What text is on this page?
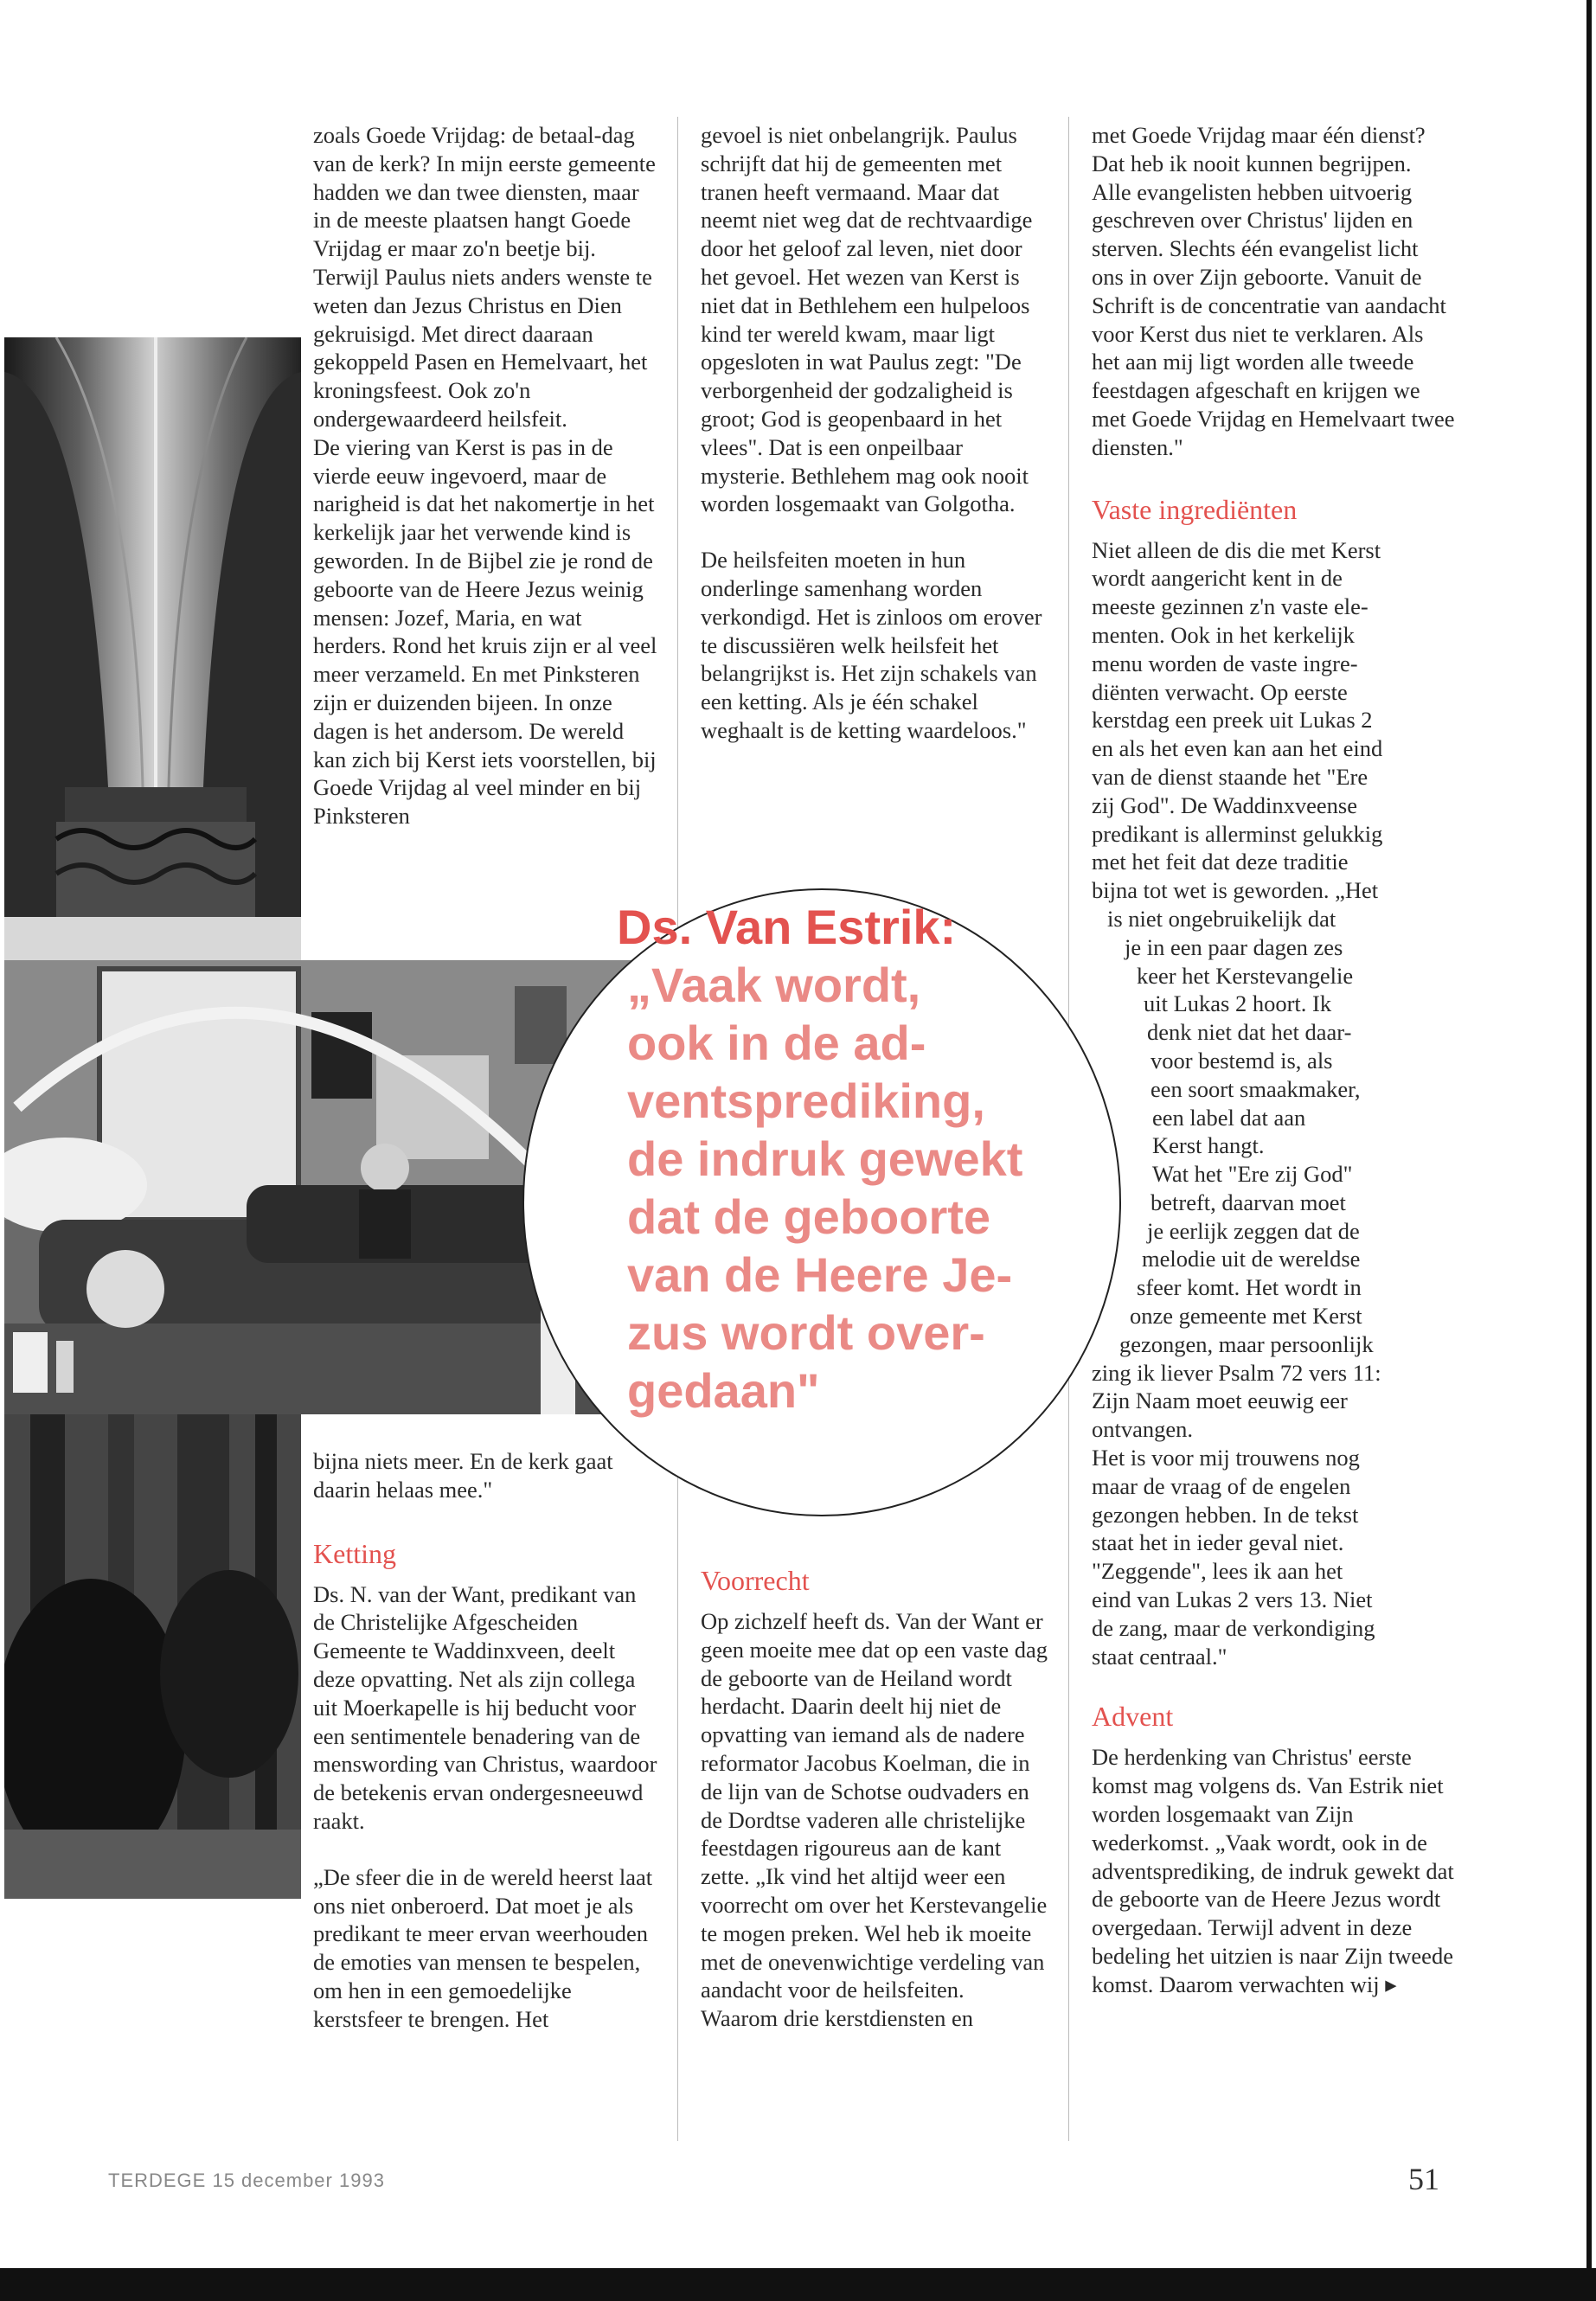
zoals Goede Vrijdag: de betaal-dag van de kerk? In mijn eerste gemeente hadden we dan twee diensten, maar in de meeste plaatsen hangt Goede Vrijdag er maar zo'n beetje bij. Terwijl Paulus niets anders wenste te weten dan Jezus Christus en Dien gekruisigd. Met direct daaraan gekoppeld Pasen en Hemelvaart, het kroningsfeest. Ook zo'n ondergewaardeerd heilsfeit.

De viering van Kerst is pas in de vierde eeuw ingevoerd, maar de narigheid is dat het nakomertje in het kerkelijk jaar het verwende kind is geworden. In de Bijbel zie je rond de geboorte van de Heere Jezus weinig mensen: Jozef, Maria, en wat herders. Rond het kruis zijn er al veel meer verzameld. En met Pinksteren zijn er duizenden bijeen. In onze dagen is het andersom. De wereld kan zich bij Kerst iets voorstellen, bij Goede Vrijdag al veel minder en bij Pinksteren

bijna niets meer. En de kerk gaat daarin helaas mee."

Ketting

Ds. N. van der Want, predikant van de Christelijke Afgescheiden Gemeente te Waddinxveen, deelt deze opvatting. Net als zijn collega uit Moerkapelle is hij beducht voor een sentimentele benadering van de menswording van Christus, waardoor de betekenis ervan ondergesneeuwd raakt.

„De sfeer die in de wereld heerst laat ons niet onberoerd. Dat moet je als predikant te meer ervan weerhouden de emoties van mensen te bespelen, om hen in een gemoedelijke kerstsfeer te brengen. Het

gevoel is niet onbelangrijk. Paulus schrijft dat hij de gemeenten met tranen heeft vermaand. Maar dat neemt niet weg dat de rechtvaardige door het geloof zal leven, niet door het gevoel. Het wezen van Kerst is niet dat in Bethlehem een hulpeloos kind ter wereld kwam, maar ligt opgesloten in wat Paulus zegt: "De verborgenheid der godzaligheid is groot; God is geopenbaard in het vlees". Dat is een onpeilbaar mysterie. Bethlehem mag ook nooit worden losgemaakt van Golgotha.

De heilsfeiten moeten in hun onderlinge samenhang worden verkondigd. Het is zinloos om erover te discussiëren welk heilsfeit het belangrijkst is. Het zijn schakels van een ketting. Als je één schakel weghaalt is de ketting waardeloos."

Voorrecht

Op zichzelf heeft ds. Van der Want er geen moeite mee dat op een vaste dag de geboorte van de Heiland wordt herdacht. Daarin deelt hij niet de opvatting van iemand als de nadere reformator Jacobus Koelman, die in de lijn van de Schotse oudvaders en de Dordtse vaderen alle christelijke feestdagen rigoureus aan de kant zette. „Ik vind het altijd weer een voorrecht om over het Kerstevangelie te mogen preken. Wel heb ik moeite met de onevenwichtige verdeling van aandacht voor de heilsfeiten.

Waarom drie kerstdiensten en

met Goede Vrijdag maar één dienst? Dat heb ik nooit kunnen begrijpen. Alle evangelisten hebben uitvoerig geschreven over Christus' lijden en sterven. Slechts één evangelist licht ons in over Zijn geboorte. Vanuit de Schrift is de concentratie van aandacht voor Kerst dus niet te verklaren. Als het aan mij ligt worden alle tweede feestdagen afgeschaft en krijgen we met Goede Vrijdag en Hemelvaart twee diensten."

Vaste ingrediënten
Niet alleen de dis die met Kerst
wordt aangericht kent in de
meeste gezinnen z'n vaste ele-
menten. Ook in het kerkelijk
menu worden de vaste ingre-
diënten verwacht. Op eerste
kerstdag een preek uit Lukas 2
en als het even kan aan het eind
van de dienst staande het "Ere
zij God". De Waddinxveense
predikant is allerminst gelukkig
met het feit dat deze traditie
bijna tot wet is geworden. „Het
is niet ongebruikelijk dat
je in een paar dagen zes
keer het Kerstevangelie
uit Lukas 2 hoort. Ik
denk niet dat het daar-
voor bestemd is, als
een soort smaakmaker,
een label dat aan
Kerst hangt.
Wat het "Ere zij God"
betreft, daarvan moet
je eerlijk zeggen dat de
melodie uit de wereldse
sfeer komt. Het wordt in
onze gemeente met Kerst
gezongen, maar persoonlijk
zing ik liever Psalm 72 vers 11:
Zijn Naam moet eeuwig eer
ontvangen.
Het is voor mij trouwens nog
maar de vraag of de engelen
gezongen hebben. In de tekst
staat het in ieder geval niet.
"Zeggende", lees ik aan het
eind van Lukas 2 vers 13. Niet
de zang, maar de verkondiging
staat centraal."
Advent

De herdenking van Christus' eerste komst mag volgens ds. Van Estrik niet worden losgemaakt van Zijn wederkomst. „Vaak wordt, ook in de adventsprediking, de indruk gewekt dat de geboorte van de Heere Jezus wordt overgedaan. Terwijl advent in deze bedeling het uitzien is naar Zijn tweede komst. Daarom verwachten wij ▸

Ds. Van Estrik:
„Vaak wordt,
ook in de ad-
ventsprediking,
de indruk gewekt
dat de geboorte
van de Heere Je-
zus wordt over-
gedaan"
TERDEGE 15 december 1993	51
